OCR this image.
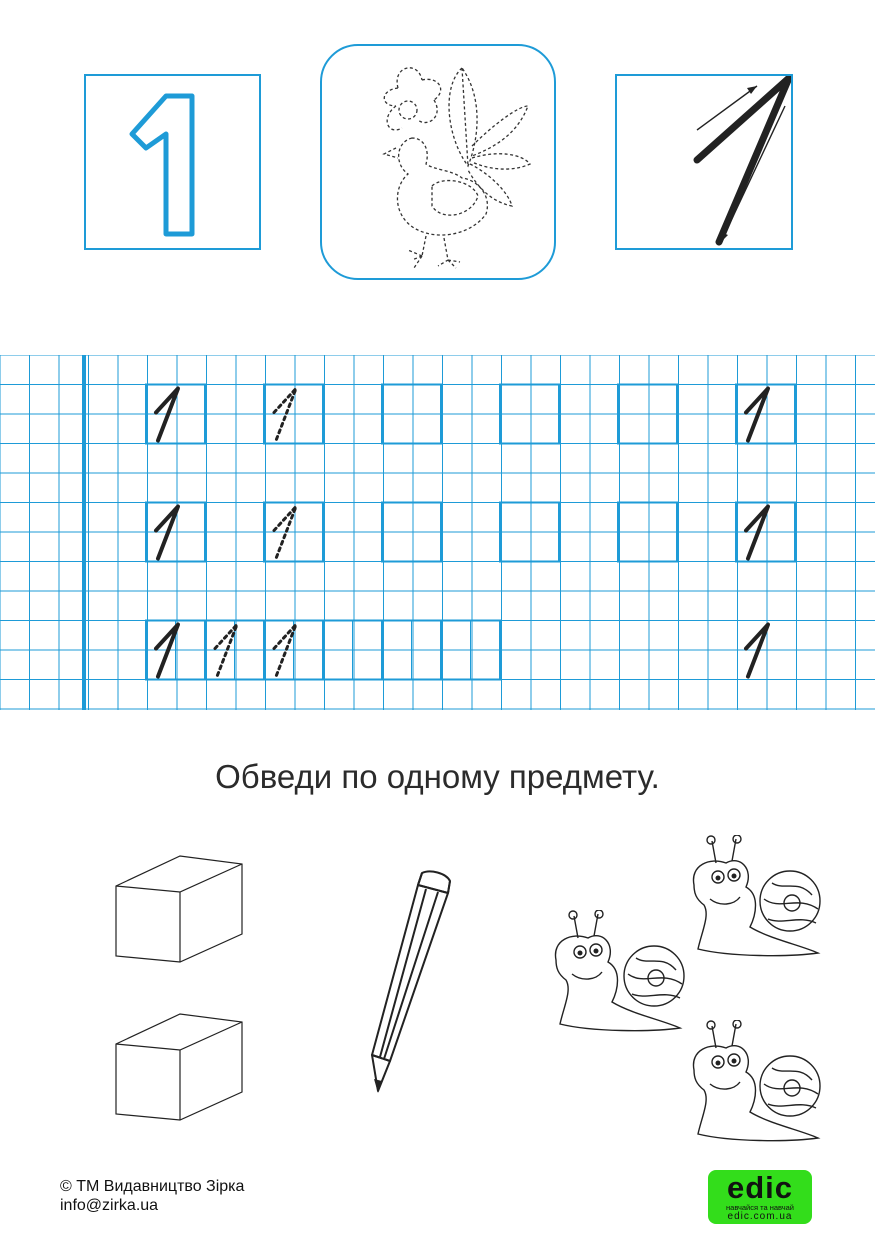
Обведи по одному предмету.
© ТМ Видавництво Зірка
info@zirka.ua
edic
навчайся та навчай
edic.com.ua
